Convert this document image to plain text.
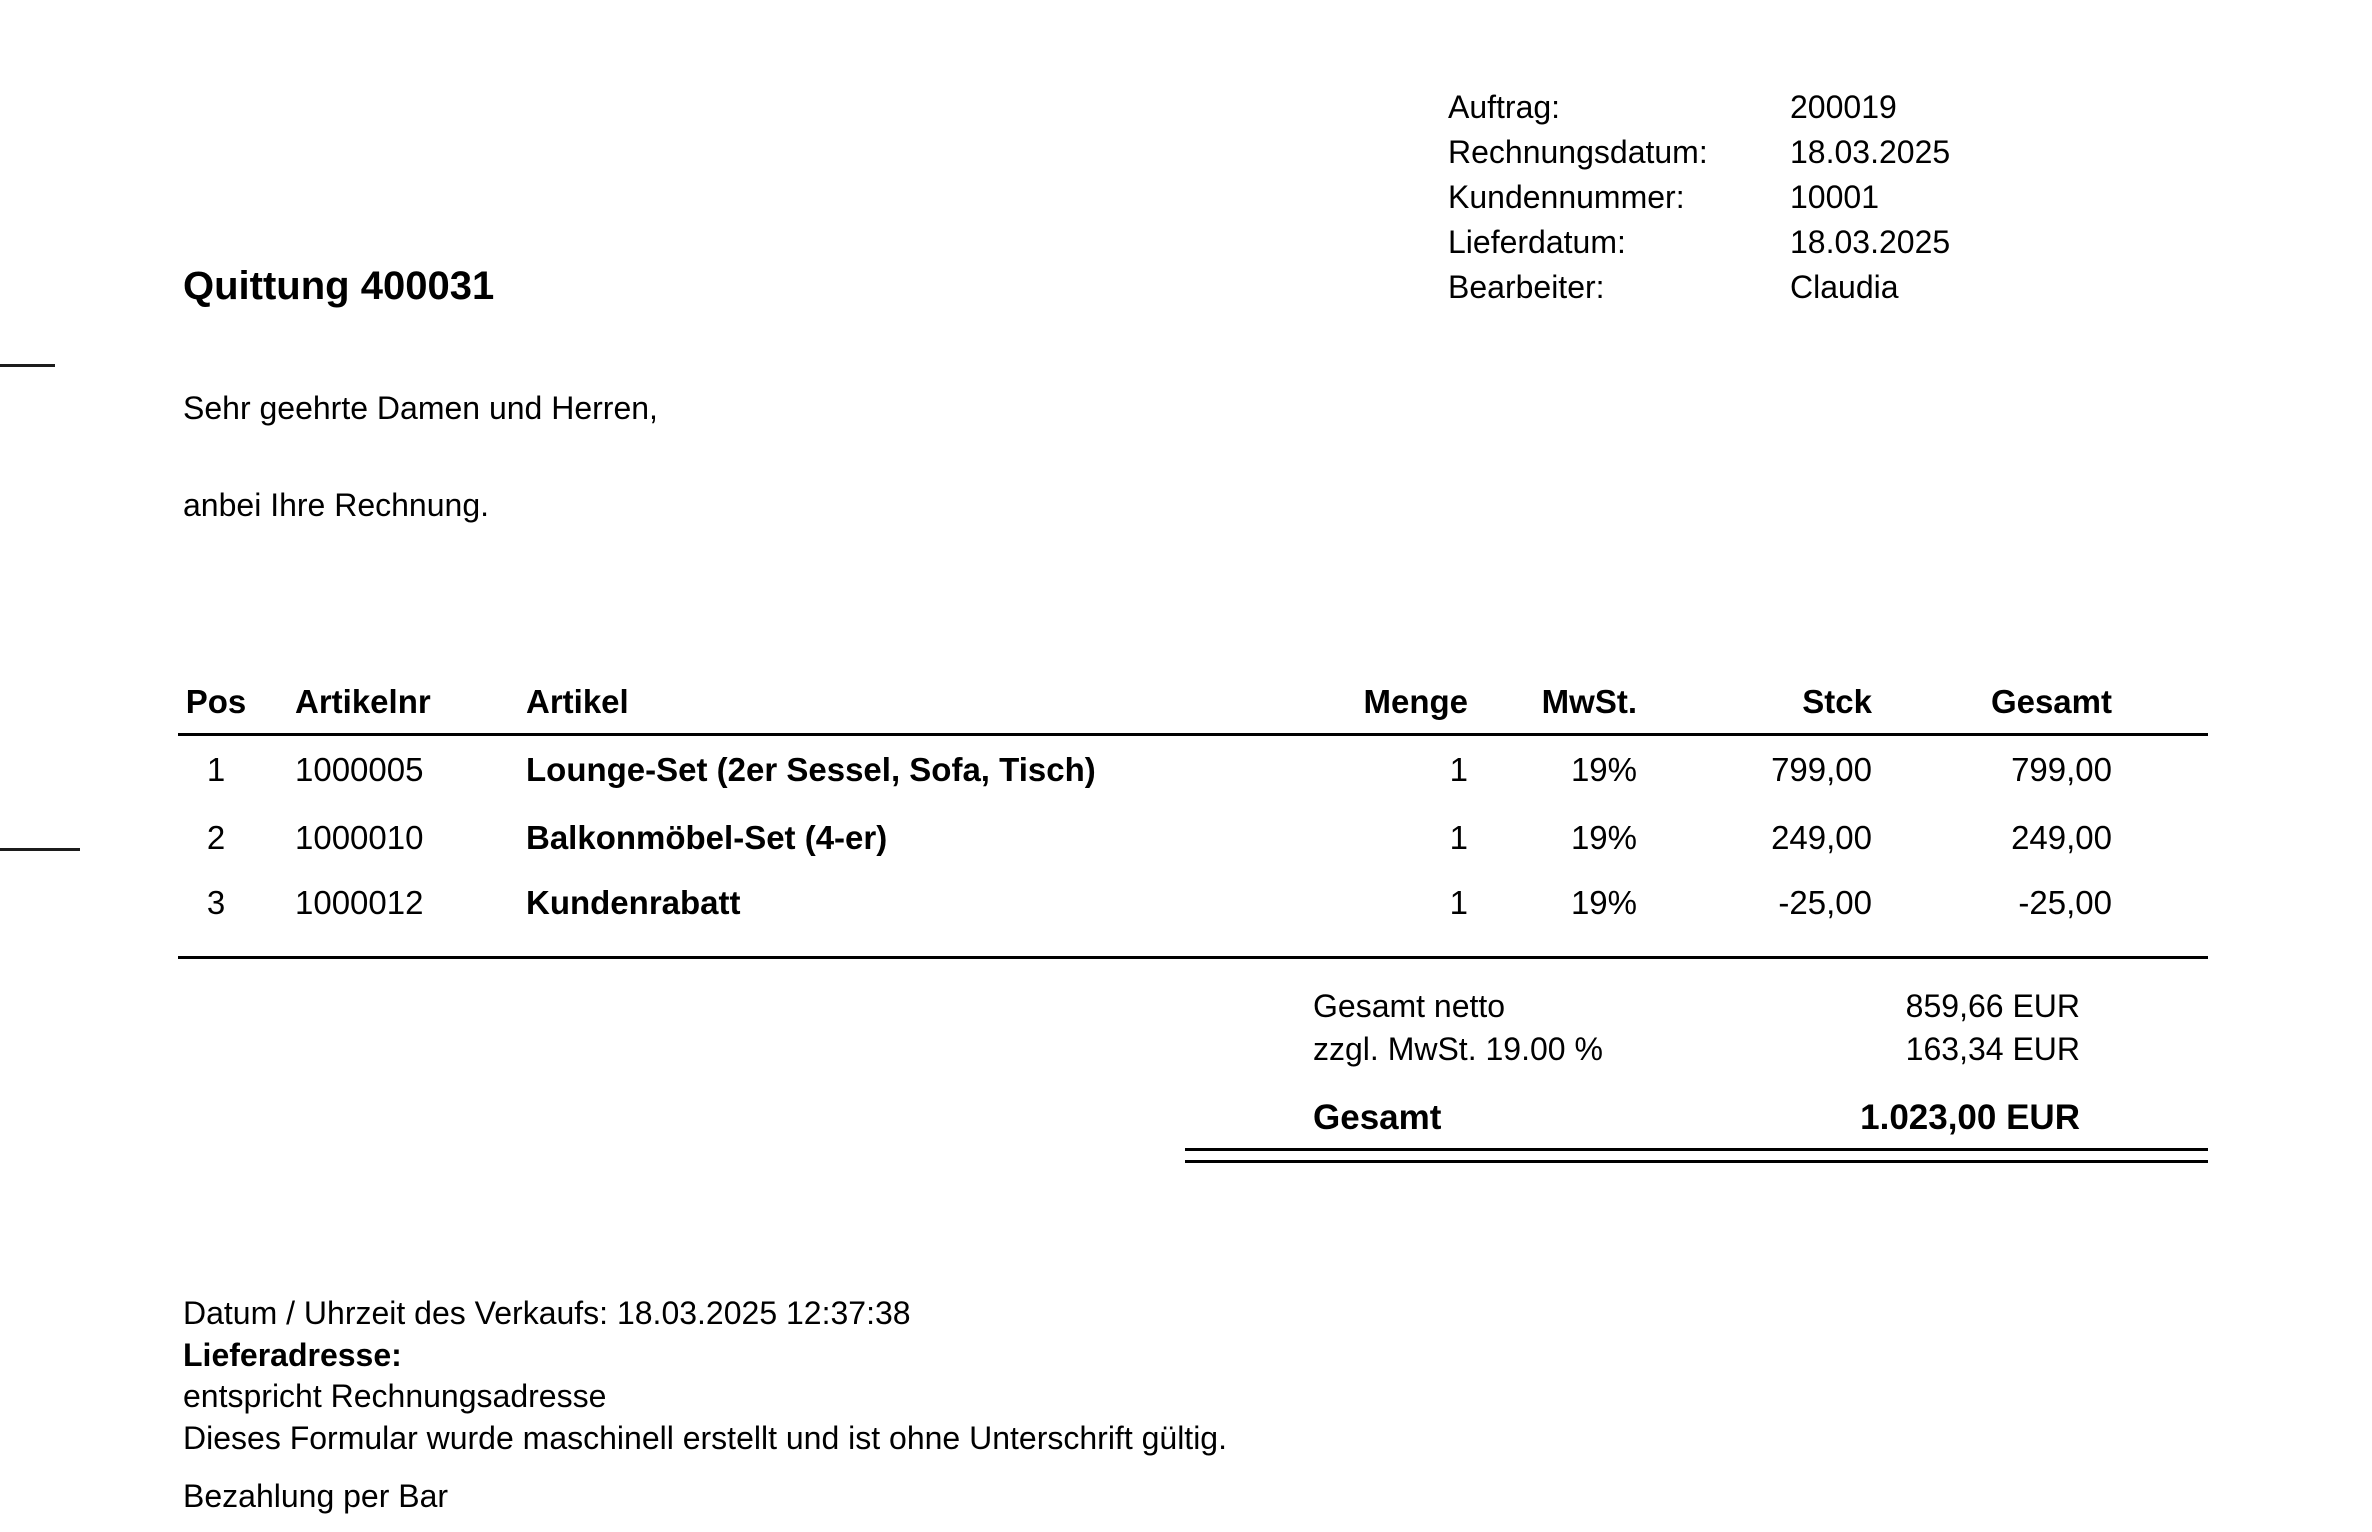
Auftrag:	200019
Rechnungsdatum:	18.03.2025
Kundennummer:	10001
Lieferdatum:	18.03.2025
Bearbeiter:	Claudia
Quittung 400031
Sehr geehrte Damen und Herren,
anbei Ihre Rechnung.
Pos	Artikelnr	Artikel	Menge	MwSt.	Stck	Gesamt
1	1000005	Lounge-Set (2er Sessel, Sofa, Tisch)	1	19%	799,00	799,00
2	1000010	Balkonmöbel-Set (4-er)	1	19%	249,00	249,00
3	1000012	Kundenrabatt	1	19%	-25,00	-25,00
Gesamt netto	859,66 EUR
zzgl. MwSt. 19.00 %	163,34 EUR
Gesamt	1.023,00 EUR
Datum / Uhrzeit des Verkaufs: 18.03.2025 12:37:38
Lieferadresse:
entspricht Rechnungsadresse
Dieses Formular wurde maschinell erstellt und ist ohne Unterschrift gültig.
Bezahlung per Bar
